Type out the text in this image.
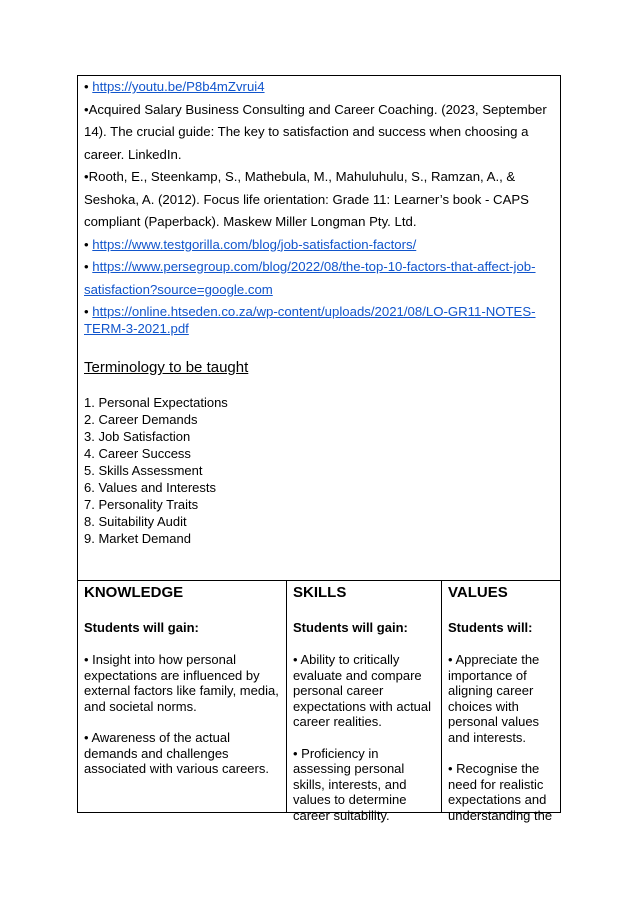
• https://youtu.be/P8b4mZvrui4
•Acquired Salary Business Consulting and Career Coaching. (2023, September 14). The crucial guide: The key to satisfaction and success when choosing a career. LinkedIn.
•Rooth, E., Steenkamp, S., Mathebula, M., Mahuluhulu, S., Ramzan, A., & Seshoka, A. (2012). Focus life orientation: Grade 11: Learner’s book - CAPS compliant (Paperback). Maskew Miller Longman Pty. Ltd.
• https://www.testgorilla.com/blog/job-satisfaction-factors/
• https://www.persegroup.com/blog/2022/08/the-top-10-factors-that-affect-job-satisfaction?source=google.com
• https://online.htseden.co.za/wp-content/uploads/2021/08/LO-GR11-NOTES-TERM-3-2021.pdf
Terminology to be taught
1. Personal Expectations
2. Career Demands
3. Job Satisfaction
4. Career Success
5. Skills Assessment
6. Values and Interests
7. Personality Traits
8. Suitability Audit
9. Market Demand

KNOWLEDGE

Students will gain:

• Insight into how personal expectations are influenced by external factors like family, media, and societal norms.
• Awareness of the actual demands and challenges associated with various careers.

SKILLS

Students will gain:

• Ability to critically evaluate and compare personal career expectations with actual career realities.
• Proficiency in assessing personal skills, interests, and values to determine career suitability.

VALUES

Students will:

• Appreciate the importance of aligning career choices with personal values and interests.
• Recognise the need for realistic expectations and understanding the
